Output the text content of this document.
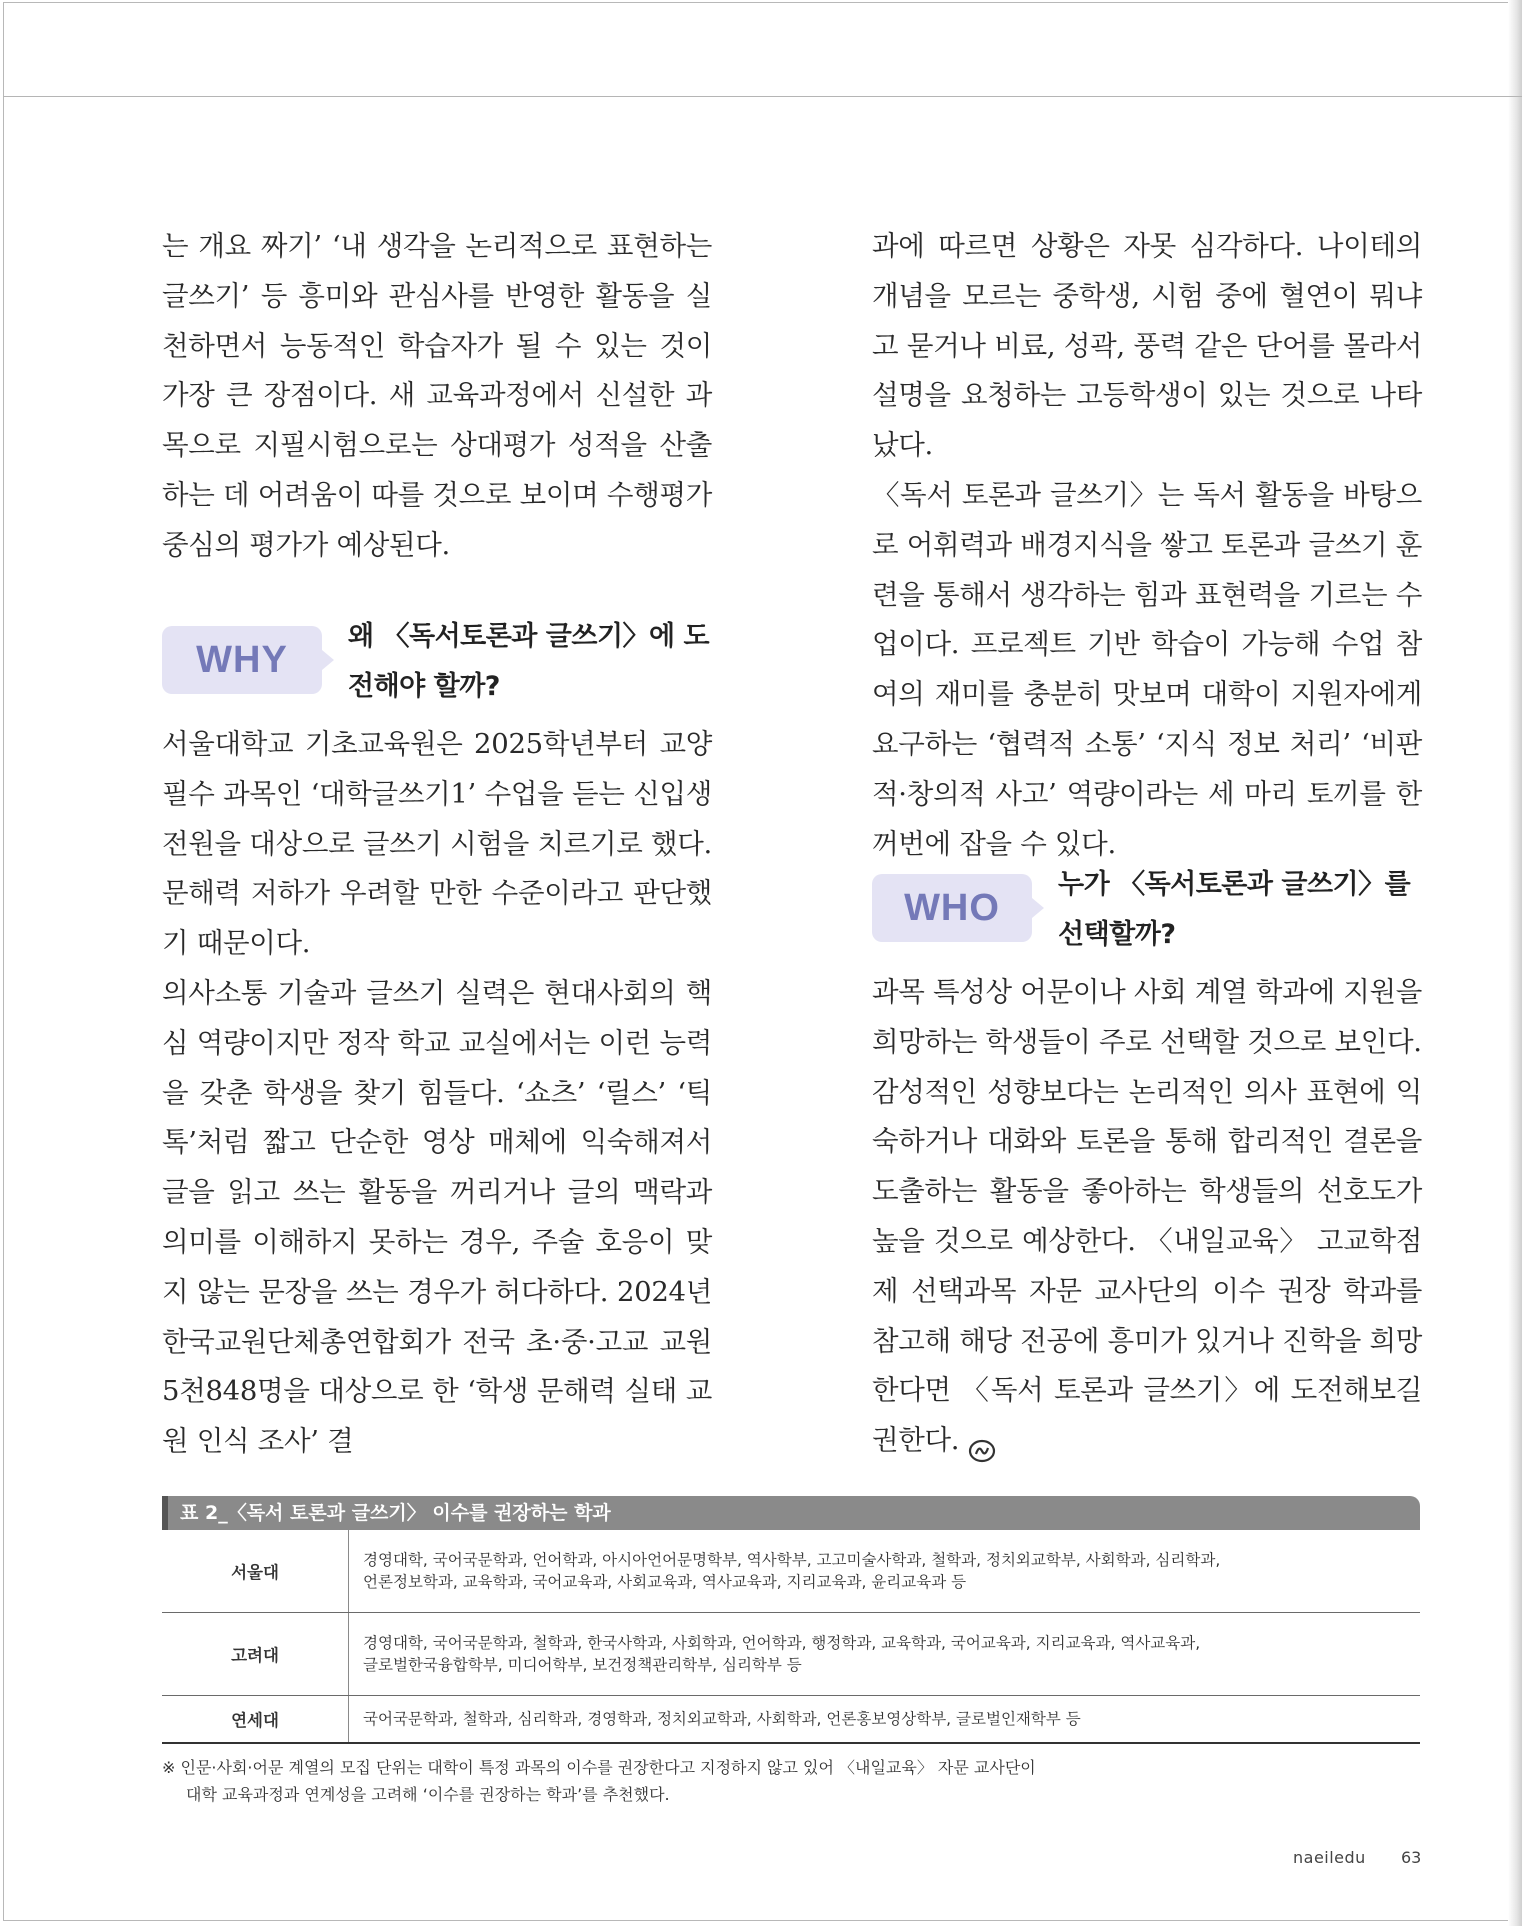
는 개요 짜기’ ‘내 생각을 논리적으로 표현하는 글쓰기’ 등 흥미와 관심사를 반영한 활동을 실천하면서 능동적인 학습자가 될 수 있는 것이 가장 큰 장점이다. 새 교육과정에서 신설한 과목으로 지필시험으로는 상대평가 성적을 산출하는 데 어려움이 따를 것으로 보이며 수행평가 중심의 평가가 예상된다.

WHY
왜 〈독서토론과 글쓰기〉에 도전해야 할까?

서울대학교 기초교육원은 2025학년부터 교양 필수 과목인 ‘대학글쓰기1’ 수업을 듣는 신입생 전원을 대상으로 글쓰기 시험을 치르기로 했다. 문해력 저하가 우려할 만한 수준이라고 판단했기 때문이다.

의사소통 기술과 글쓰기 실력은 현대사회의 핵심 역량이지만 정작 학교 교실에서는 이런 능력을 갖춘 학생을 찾기 힘들다. ‘쇼츠’ ‘릴스’ ‘틱톡’처럼 짧고 단순한 영상 매체에 익숙해져서 글을 읽고 쓰는 활동을 꺼리거나 글의 맥락과 의미를 이해하지 못하는 경우, 주술 호응이 맞지 않는 문장을 쓰는 경우가 허다하다. 2024년 한국교원단체총연합회가 전국 초·중·고교 교원 5천848명을 대상으로 한 ‘학생 문해력 실태 교원 인식 조사’ 결

과에 따르면 상황은 자못 심각하다. 나이테의 개념을 모르는 중학생, 시험 중에 혈연이 뭐냐고 묻거나 비료, 성곽, 풍력 같은 단어를 몰라서 설명을 요청하는 고등학생이 있는 것으로 나타났다.

〈독서 토론과 글쓰기〉는 독서 활동을 바탕으로 어휘력과 배경지식을 쌓고 토론과 글쓰기 훈련을 통해서 생각하는 힘과 표현력을 기르는 수업이다. 프로젝트 기반 학습이 가능해 수업 참여의 재미를 충분히 맛보며 대학이 지원자에게 요구하는 ‘협력적 소통’ ‘지식 정보 처리’ ‘비판적·창의적 사고’ 역량이라는 세 마리 토끼를 한꺼번에 잡을 수 있다.

WHO
누가 〈독서토론과 글쓰기〉를 선택할까?

과목 특성상 어문이나 사회 계열 학과에 지원을 희망하는 학생들이 주로 선택할 것으로 보인다.

감성적인 성향보다는 논리적인 의사 표현에 익숙하거나 대화와 토론을 통해 합리적인 결론을 도출하는 활동을 좋아하는 학생들의 선호도가 높을 것으로 예상한다. 〈내일교육〉 고교학점제 선택과목 자문 교사단의 이수 권장 학과를 참고해 해당 전공에 흥미가 있거나 진학을 희망한다면 〈독서 토론과 글쓰기〉에 도전해보길 권한다.

표 2_〈독서 토론과 글쓰기〉 이수를 권장하는 학과
서울대	경영대학, 국어국문학과, 언어학과, 아시아언어문명학부, 역사학부, 고고미술사학과, 철학과, 정치외교학부, 사회학과, 심리학과,
언론정보학과, 교육학과, 국어교육과, 사회교육과, 역사교육과, 지리교육과, 윤리교육과 등

고려대	경영대학, 국어국문학과, 철학과, 한국사학과, 사회학과, 언어학과, 행정학과, 교육학과, 국어교육과, 지리교육과, 역사교육과,
글로벌한국융합학부, 미디어학부, 보건정책관리학부, 심리학부 등

연세대	국어국문학과, 철학과, 심리학과, 경영학과, 정치외교학과, 사회학과, 언론홍보영상학부, 글로벌인재학부 등
※ 인문·사회·어문 계열의 모집 단위는 대학이 특정 과목의 이수를 권장한다고 지정하지 않고 있어 〈내일교육〉 자문 교사단이
대학 교육과정과 연계성을 고려해 ‘이수를 권장하는 학과’를 추천했다.
naeiledu 63
